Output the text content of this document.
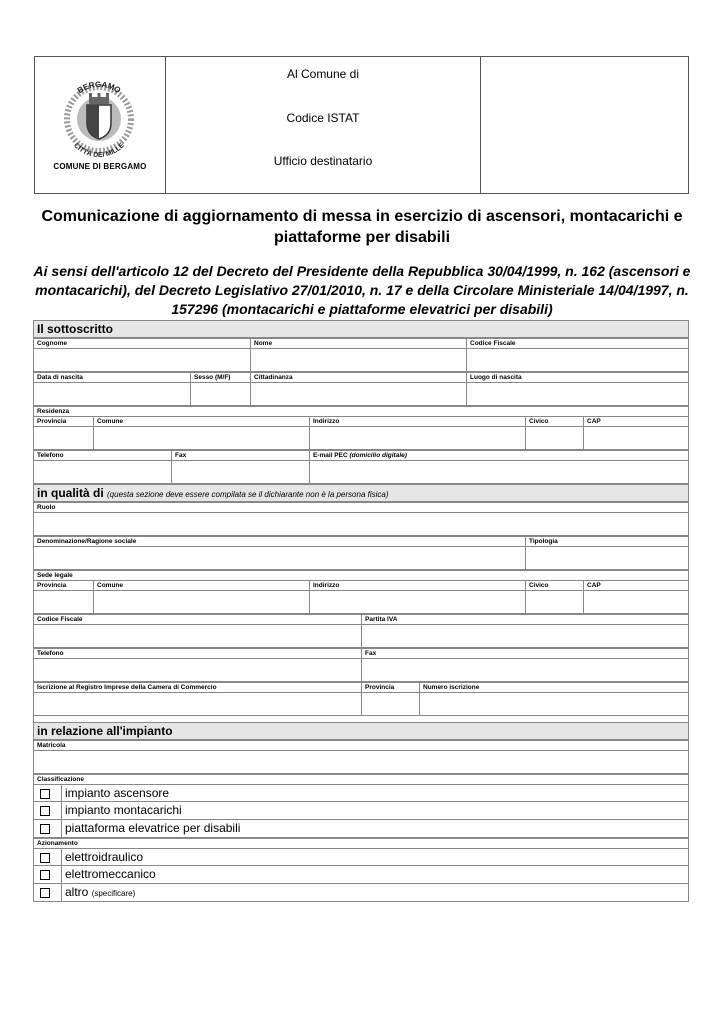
BERGAMO
CITTÀ DEI MILLE
COMUNE DI BERGAMO
Al Comune di
Codice ISTAT
Ufficio destinatario
Comunicazione di aggiornamento di messa in esercizio di ascensori, montacarichi e piattaforme per disabili
Ai sensi dell'articolo 12 del Decreto del Presidente della Repubblica 30/04/1999, n. 162 (ascensori e montacarichi), del Decreto Legislativo 27/01/2010, n. 17 e della Circolare Ministeriale 14/04/1997, n. 157296 (montacarichi e piattaforme elevatrici per disabili)
Il sottoscritto
Cognome	Nome	Codice Fiscale
Data di nascita	Sesso (M/F)	Cittadinanza	Luogo di nascita
Residenza
Provincia	Comune	Indirizzo	Civico	CAP
Telefono	Fax	E-mail PEC (domicilio digitale)
in qualità di (questa sezione deve essere compilata se il dichiarante non è la persona fisica)
Ruolo
Denominazione/Ragione sociale	Tipologia
Sede legale
Provincia	Comune	Indirizzo	Civico	CAP
Codice Fiscale	Partita IVA
Telefono	Fax
Iscrizione al Registro Imprese della Camera di Commercio	Provincia	Numero iscrizione
in relazione all'impianto
Matricola
Classificazione
impianto ascensore
impianto montacarichi
piattaforma elevatrice per disabili
Azionamento
elettroidraulico
elettromeccanico
altro (specificare)
